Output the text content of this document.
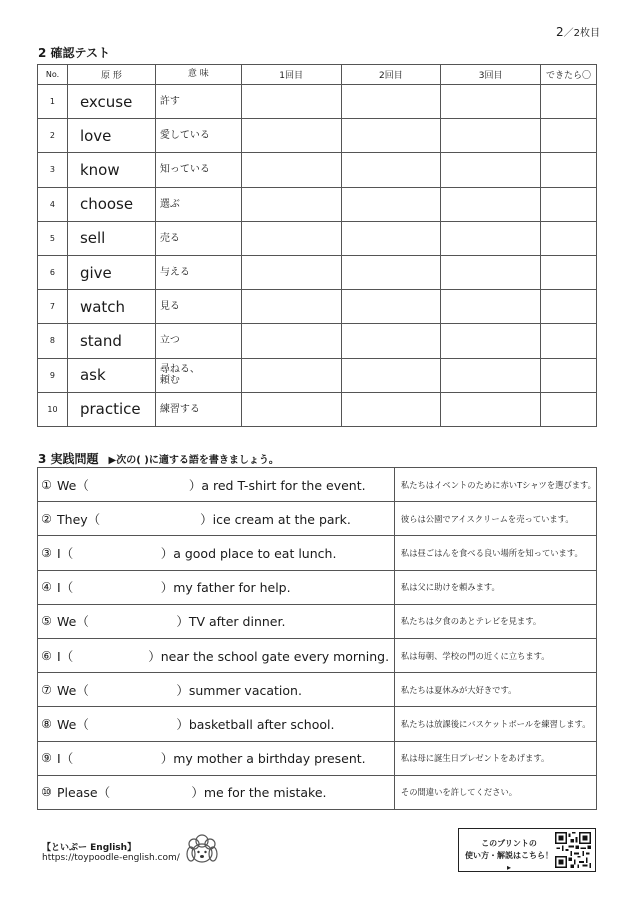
2／2枚目
2 確認テスト
No.	原 形	意 味	1回目	2回目	3回目	できたら〇
1	excuse	許す				
2	love	愛している				
3	know	知っている				
4	choose	選ぶ				
5	sell	売る				
6	give	与える				
7	watch	見る				
8	stand	立つ				
9	ask	尋ねる、
頼む				
10	practice	練習する				
3 実践問題 ▶次の( )に適する語を書きましょう。
①	We（ ）a red T-shirt for the event.	私たちはイベントのために赤いTシャツを選びます。
②	They（ ）ice cream at the park.	彼らは公園でアイスクリームを売っています。
③	I（ ）a good place to eat lunch.	私は昼ごはんを食べる良い場所を知っています。
④	I（ ）my father for help.	私は父に助けを頼みます。
⑤	We（ ）TV after dinner.	私たちは夕食のあとテレビを見ます。
⑥	I（ ）near the school gate every morning.	私は毎朝、学校の門の近くに立ちます。
⑦	We（ ）summer vacation.	私たちは夏休みが大好きです。
⑧	We（ ）basketball after school.	私たちは放課後にバスケットボールを練習します。
⑨	I（ ）my mother a birthday present.	私は母に誕生日プレゼントをあげます。
⑩	Please（ ）me for the mistake.	その間違いを許してください。
【といぷー English】
https://toypoodle-english.com/
このプリントの
使い方・解説はこちら！▸
